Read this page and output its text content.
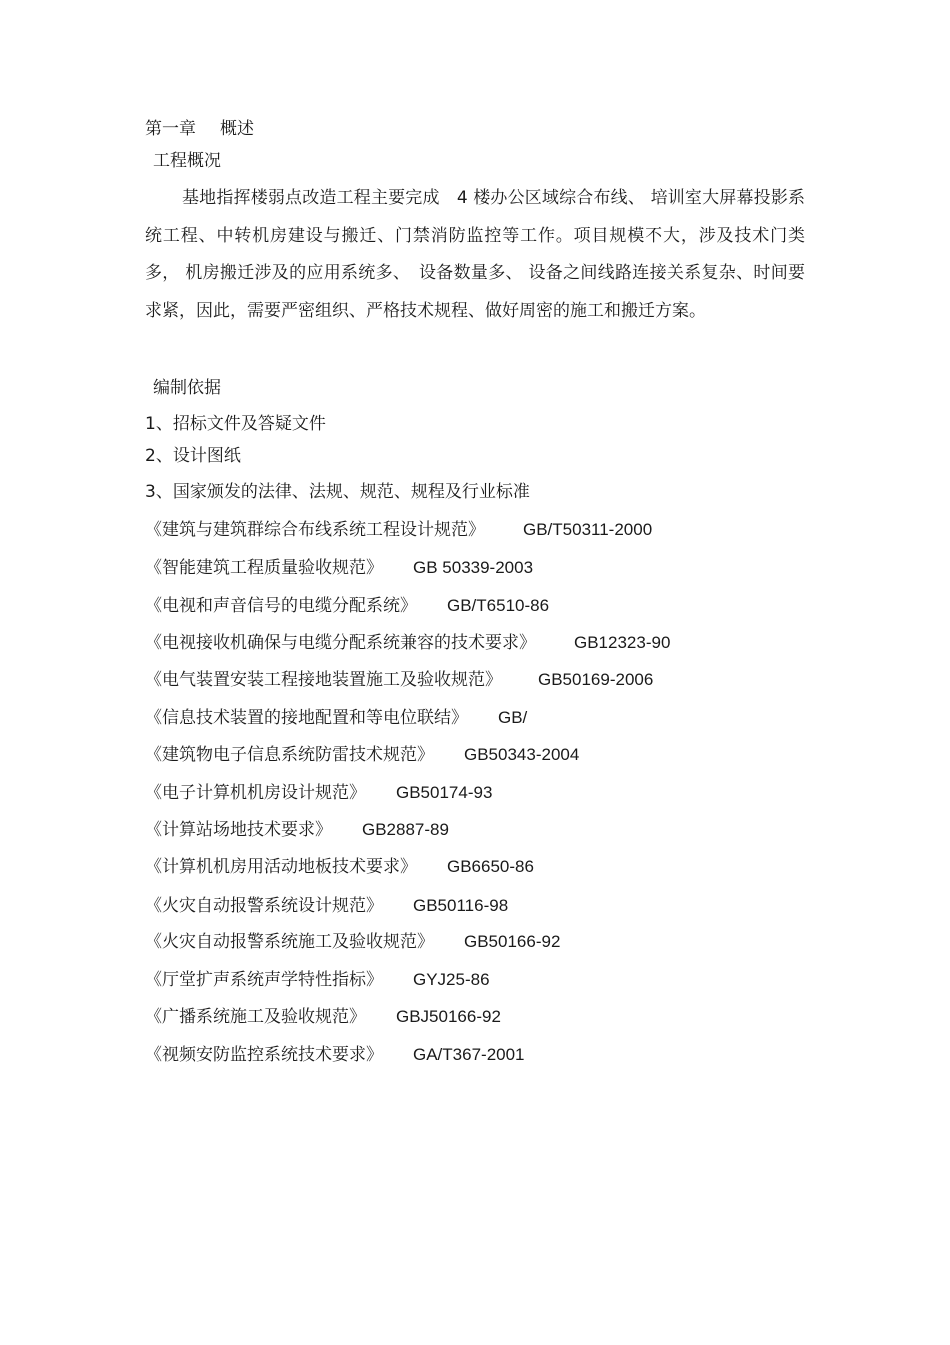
第一章 概述
工程概况
基地指挥楼弱点改造工程主要完成　4 楼办公区域综合布线、 培训室大屏幕投影系统工程、中转机房建设与搬迁、门禁消防监控等工作。项目规模不大，涉及技术门类多， 机房搬迁涉及的应用系统多、　设备数量多、 设备之间线路连接关系复杂、时间要求紧，因此，需要严密组织、严格技术规程、做好周密的施工和搬迁方案。
编制依据
1、招标文件及答疑文件
2、设计图纸
3、国家颁发的法律、法规、规范、规程及行业标准
《建筑与建筑群综合布线系统工程设计规范》 GB/T50311-2000
《智能建筑工程质量验收规范》 GB 50339-2003
《电视和声音信号的电缆分配系统》 GB/T6510-86
《电视接收机确保与电缆分配系统兼容的技术要求》 GB12323-90
《电气装置安装工程接地装置施工及验收规范》 GB50169-2006
《信息技术装置的接地配置和等电位联结》 GB/
《建筑物电子信息系统防雷技术规范》 GB50343-2004
《电子计算机机房设计规范》 GB50174-93
《计算站场地技术要求》 GB2887-89
《计算机机房用活动地板技术要求》 GB6650-86
《火灾自动报警系统设计规范》 GB50116-98
《火灾自动报警系统施工及验收规范》 GB50166-92
《厅堂扩声系统声学特性指标》 GYJ25-86
《广播系统施工及验收规范》 GBJ50166-92
《视频安防监控系统技术要求》 GA/T367-2001
